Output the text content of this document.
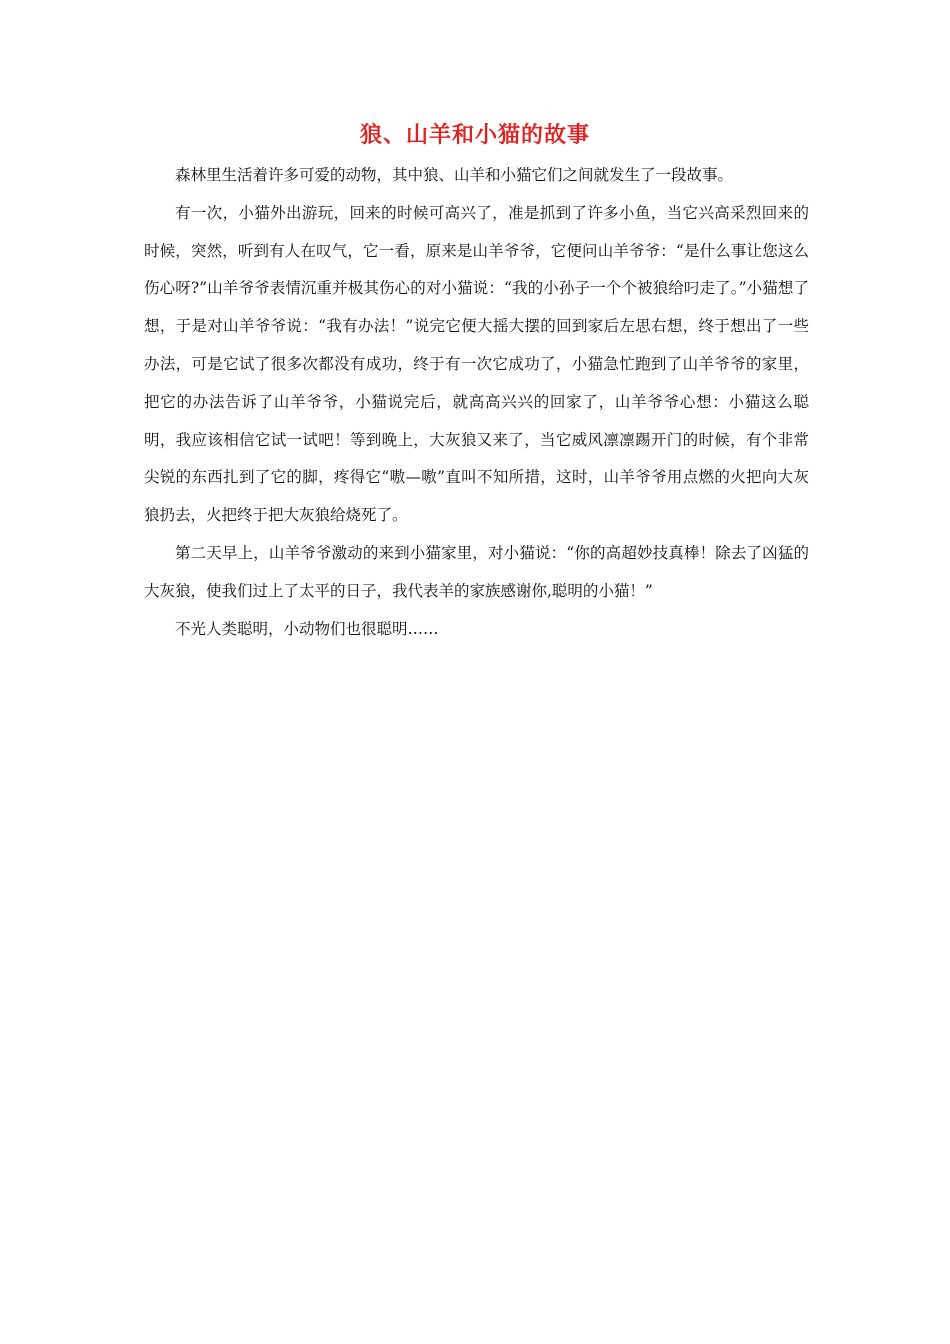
狼、山羊和小猫的故事

森林里生活着许多可爱的动物，其中狼、山羊和小猫它们之间就发生了一段故事。

有一次，小猫外出游玩，回来的时候可高兴了，准是抓到了许多小鱼，当它兴高采烈回来的时候，突然，听到有人在叹气，它一看，原来是山羊爷爷，它便问山羊爷爷：“是什么事让您这么伤心呀?”山羊爷爷表情沉重并极其伤心的对小猫说：“我的小孙子一个个被狼给叼走了。”小猫想了想，于是对山羊爷爷说：“我有办法！”说完它便大摇大摆的回到家后左思右想，终于想出了一些办法，可是它试了很多次都没有成功，终于有一次它成功了，小猫急忙跑到了山羊爷爷的家里，把它的办法告诉了山羊爷爷，小猫说完后，就高高兴兴的回家了，山羊爷爷心想：小猫这么聪明，我应该相信它试一试吧！等到晚上，大灰狼又来了，当它威风凛凛踢开门的时候，有个非常尖锐的东西扎到了它的脚，疼得它“嗷—嗷”直叫不知所措，这时，山羊爷爷用点燃的火把向大灰狼扔去，火把终于把大灰狼给烧死了。

第二天早上，山羊爷爷激动的来到小猫家里，对小猫说：“你的高超妙技真棒！除去了凶猛的大灰狼，使我们过上了太平的日子，我代表羊的家族感谢你,聪明的小猫！”

不光人类聪明，小动物们也很聪明……
